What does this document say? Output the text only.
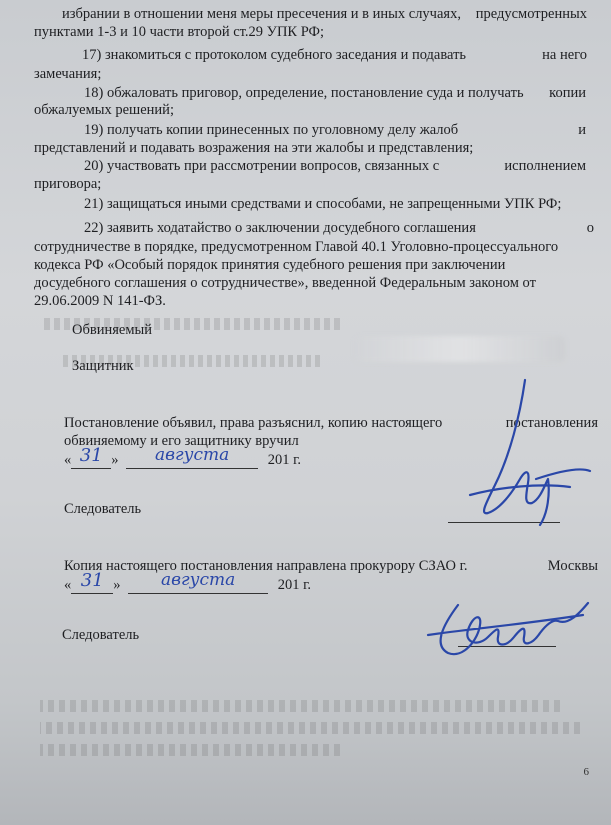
избрании в отношении меня меры пресечения и в иных случаях, предусмотренных
пунктами 1-3 и 10 части второй ст.29 УПК РФ;
17) знакомиться с протоколом судебного заседания и подавать	на него
замечания;
18) обжаловать приговор, определение, постановление суда и получать копии
обжалуемых решений;
19) получать копии принесенных по уголовному делу жалоб	и
представлений и подавать возражения на эти жалобы и представления;
20) участвовать при рассмотрении вопросов, связанных с	исполнением
приговора;
21) защищаться иными средствами и способами, не запрещенными УПК РФ;
22) заявить ходатайство о заключении досудебного соглашения	о
сотрудничестве в порядке, предусмотренном Главой 40.1 Уголовно-процессуального
кодекса РФ «Особый порядок принятия судебного решения при заключении
досудебного соглашения о сотрудничестве», введенной Федеральным законом от
29.06.2009 N 141-ФЗ.
Обвиняемый
Защитник
Постановление объявил, права разъяснил, копию настоящего	постановления
обвиняемому и его защитнику вручил
« 31 » августа	201 г.
Следователь
Копия настоящего постановления направлена прокурору СЗАО г.	Москвы
« 31 » августа	201 г.
Следователь
6
